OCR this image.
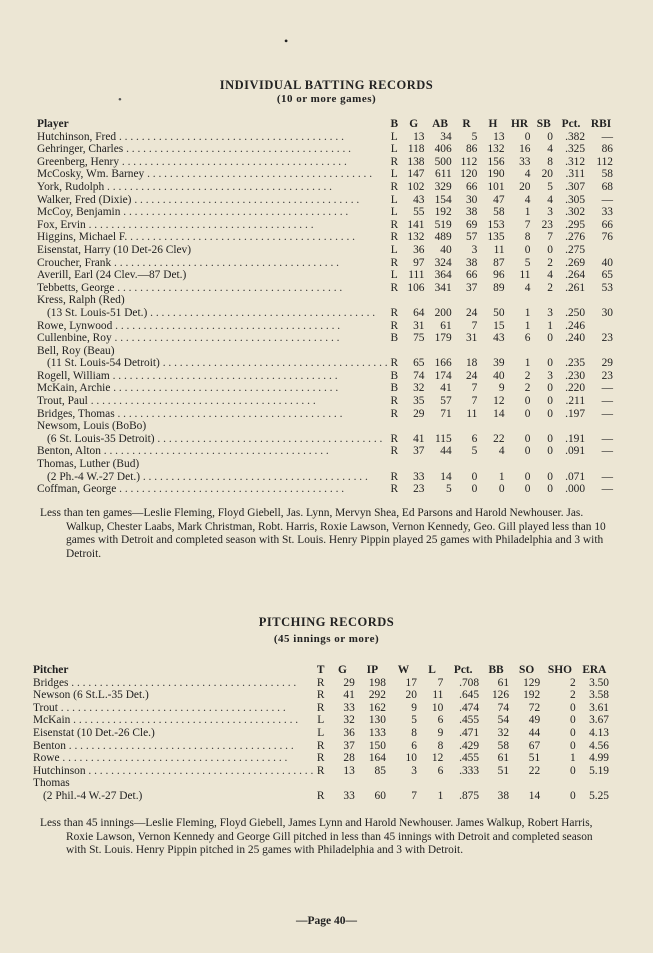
•
•
INDIVIDUAL BATTING RECORDS
(10 or more games)
Player	B	G	AB	R	H	HR	SB	Pct.	RBI
Hutchinson, Fred . . . . . . . . . . . . . . . . . . . . . . . . . . . . . . . . . . . . . . . .	L	13	34	5	13	0	0	.382	—
Gehringer, Charles . . . . . . . . . . . . . . . . . . . . . . . . . . . . . . . . . . . . . . . .	L	118	406	86	132	16	4	.325	86
Greenberg, Henry . . . . . . . . . . . . . . . . . . . . . . . . . . . . . . . . . . . . . . . .	R	138	500	112	156	33	8	.312	112
McCosky, Wm. Barney . . . . . . . . . . . . . . . . . . . . . . . . . . . . . . . . . . . . . . . .	L	147	611	120	190	4	20	.311	58
York, Rudolph . . . . . . . . . . . . . . . . . . . . . . . . . . . . . . . . . . . . . . . .	R	102	329	66	101	20	5	.307	68
Walker, Fred (Dixie) . . . . . . . . . . . . . . . . . . . . . . . . . . . . . . . . . . . . . . . .	L	43	154	30	47	4	4	.305	—
McCoy, Benjamin . . . . . . . . . . . . . . . . . . . . . . . . . . . . . . . . . . . . . . . .	L	55	192	38	58	1	3	.302	33
Fox, Ervin . . . . . . . . . . . . . . . . . . . . . . . . . . . . . . . . . . . . . . . .	R	141	519	69	153	7	23	.295	66
Higgins, Michael F. . . . . . . . . . . . . . . . . . . . . . . . . . . . . . . . . . . . . . . . .	R	132	489	57	135	8	7	.276	76
Eisenstat, Harry (10 Det-26 Clev)	L	36	40	3	11	0	0	.275	
Croucher, Frank . . . . . . . . . . . . . . . . . . . . . . . . . . . . . . . . . . . . . . . .	R	97	324	38	87	5	2	.269	40
Averill, Earl (24 Clev.—87 Det.)	L	111	364	66	96	11	4	.264	65
Tebbetts, George . . . . . . . . . . . . . . . . . . . . . . . . . . . . . . . . . . . . . . . .	R	106	341	37	89	4	2	.261	53
Kress, Ralph (Red)									
(13 St. Louis-51 Det.) . . . . . . . . . . . . . . . . . . . . . . . . . . . . . . . . . . . . . . . .	R	64	200	24	50	1	3	.250	30
Rowe, Lynwood . . . . . . . . . . . . . . . . . . . . . . . . . . . . . . . . . . . . . . . .	R	31	61	7	15	1	1	.246	
Cullenbine, Roy . . . . . . . . . . . . . . . . . . . . . . . . . . . . . . . . . . . . . . . .	B	75	179	31	43	6	0	.240	23
Bell, Roy (Beau)									
(11 St. Louis-54 Detroit) . . . . . . . . . . . . . . . . . . . . . . . . . . . . . . . . . . . . . . . .	R	65	166	18	39	1	0	.235	29
Rogell, William . . . . . . . . . . . . . . . . . . . . . . . . . . . . . . . . . . . . . . . .	B	74	174	24	40	2	3	.230	23
McKain, Archie . . . . . . . . . . . . . . . . . . . . . . . . . . . . . . . . . . . . . . . .	B	32	41	7	9	2	0	.220	—
Trout, Paul . . . . . . . . . . . . . . . . . . . . . . . . . . . . . . . . . . . . . . . .	R	35	57	7	12	0	0	.211	—
Bridges, Thomas . . . . . . . . . . . . . . . . . . . . . . . . . . . . . . . . . . . . . . . .	R	29	71	11	14	0	0	.197	—
Newsom, Louis (BoBo)									
(6 St. Louis-35 Detroit) . . . . . . . . . . . . . . . . . . . . . . . . . . . . . . . . . . . . . . . .	R	41	115	6	22	0	0	.191	—
Benton, Alton . . . . . . . . . . . . . . . . . . . . . . . . . . . . . . . . . . . . . . . .	R	37	44	5	4	0	0	.091	—
Thomas, Luther (Bud)									
(2 Ph.-4 W.-27 Det.) . . . . . . . . . . . . . . . . . . . . . . . . . . . . . . . . . . . . . . . .	R	33	14	0	1	0	0	.071	—
Coffman, George . . . . . . . . . . . . . . . . . . . . . . . . . . . . . . . . . . . . . . . .	R	23	5	0	0	0	0	.000	—
Less than ten games—Leslie Fleming, Floyd Giebell, Jas. Lynn, Mervyn Shea, Ed Parsons and Harold Newhouser. Jas. Walkup, Chester Laabs, Mark Christman, Robt. Harris, Roxie Lawson, Vernon Kennedy, Geo. Gill played less than 10 games with Detroit and completed season with St. Louis. Henry Pippin played 25 games with Philadelphia and 3 with Detroit.
PITCHING RECORDS
(45 innings or more)
Pitcher	T	G	IP	W	L	Pct.	BB	SO	SHO	ERA
Bridges . . . . . . . . . . . . . . . . . . . . . . . . . . . . . . . . . . . . . . . .	R	29	198	17	7	.708	61	129	2	3.50
Newson (6 St.L.-35 Det.)	R	41	292	20	11	.645	126	192	2	3.58
Trout . . . . . . . . . . . . . . . . . . . . . . . . . . . . . . . . . . . . . . . .	R	33	162	9	10	.474	74	72	0	3.61
McKain . . . . . . . . . . . . . . . . . . . . . . . . . . . . . . . . . . . . . . . .	L	32	130	5	6	.455	54	49	0	3.67
Eisenstat (10 Det.-26 Cle.)	L	36	133	8	9	.471	32	44	0	4.13
Benton . . . . . . . . . . . . . . . . . . . . . . . . . . . . . . . . . . . . . . . .	R	37	150	6	8	.429	58	67	0	4.56
Rowe . . . . . . . . . . . . . . . . . . . . . . . . . . . . . . . . . . . . . . . .	R	28	164	10	12	.455	61	51	1	4.99
Hutchinson . . . . . . . . . . . . . . . . . . . . . . . . . . . . . . . . . . . . . . . .	R	13	85	3	6	.333	51	22	0	5.19
Thomas										
(2 Phil.-4 W.-27 Det.)	R	33	60	7	1	.875	38	14	0	5.25
Less than 45 innings—Leslie Fleming, Floyd Giebell, James Lynn and Harold Newhouser. James Walkup, Robert Harris, Roxie Lawson, Vernon Kennedy and George Gill pitched in less than 45 innings with Detroit and completed season with St. Louis. Henry Pippin pitched in 25 games with Philadelphia and 3 with Detroit.
—Page 40—
